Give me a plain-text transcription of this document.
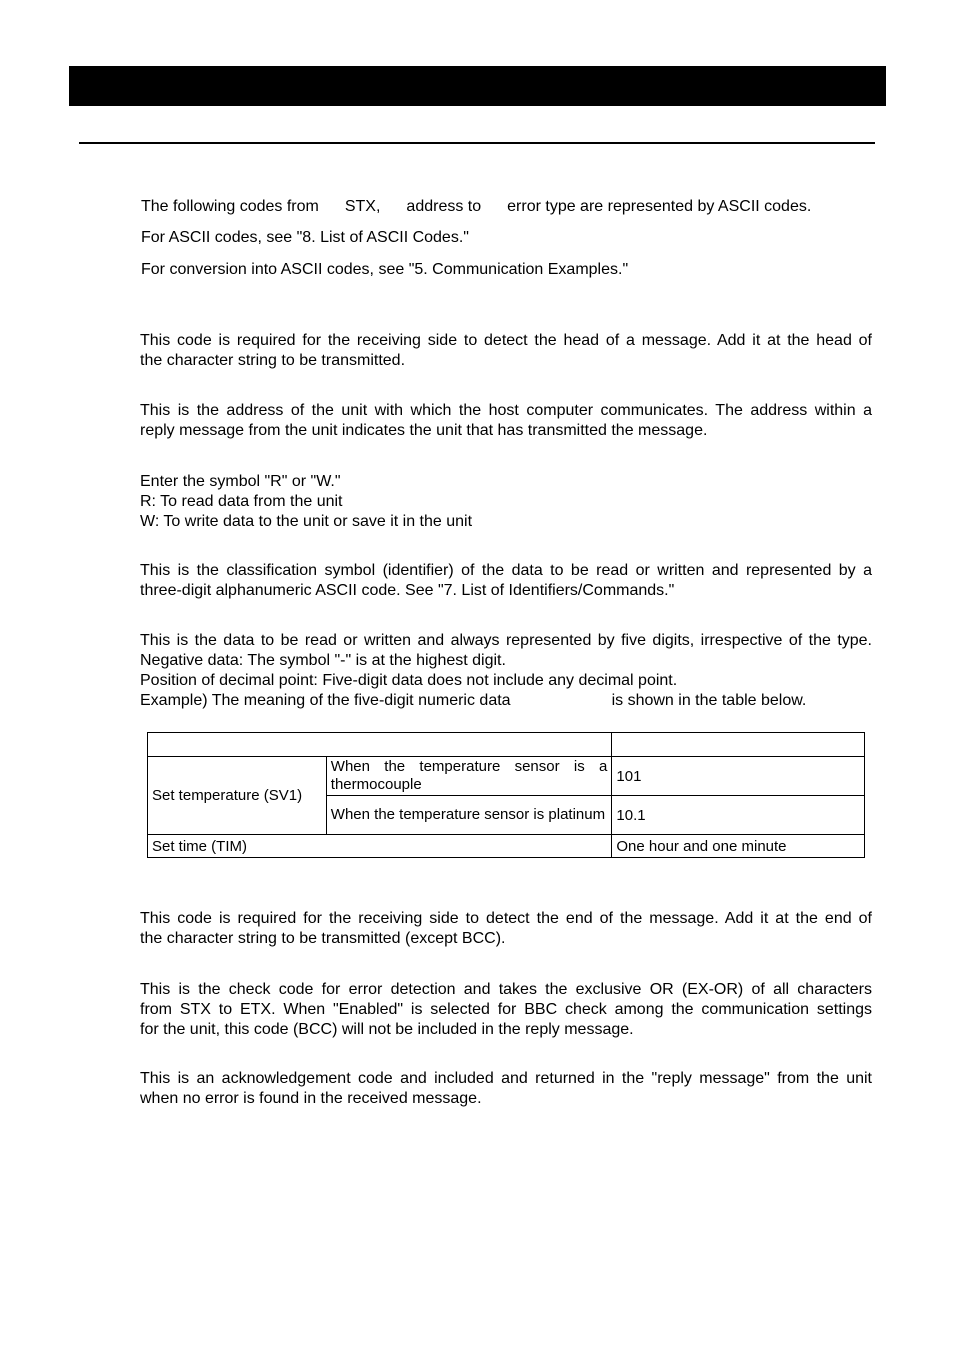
The following codes from STX, address to error type are represented by ASCII codes.
For ASCII codes, see "8. List of ASCII Codes."
For conversion into ASCII codes, see "5. Communication Examples."
This code is required for the receiving side to detect the head of a message. Add it at the head of
the character string to be transmitted.
This is the address of the unit with which the host computer communicates. The address within a
reply message from the unit indicates the unit that has transmitted the message.
Enter the symbol "R" or "W."
R: To read data from the unit
W: To write data to the unit or save it in the unit
This is the classification symbol (identifier) of the data to be read or written and represented by a
three-digit alphanumeric ASCII code. See "7. List of Identifiers/Commands."
This is the data to be read or written and always represented by five digits, irrespective of the type.
Negative data: The symbol "-" is at the highest digit.
Position of decimal point: Five-digit data does not include any decimal point.
Example) The meaning of the five-digit numeric data	is shown in the table below.

Set temperature (SV1)	When the temperature sensor is a thermocouple	101
	When the temperature sensor is platinum	10.1
Set time (TIM)		One hour and one minute
This code is required for the receiving side to detect the end of the message. Add it at the end of
the character string to be transmitted (except BCC).
This is the check code for error detection and takes the exclusive OR (EX-OR) of all characters
from STX to ETX. When "Enabled" is selected for BBC check among the communication settings
for the unit, this code (BCC) will not be included in the reply message.
This is an acknowledgement code and included and returned in the "reply message" from the unit
when no error is found in the received message.
